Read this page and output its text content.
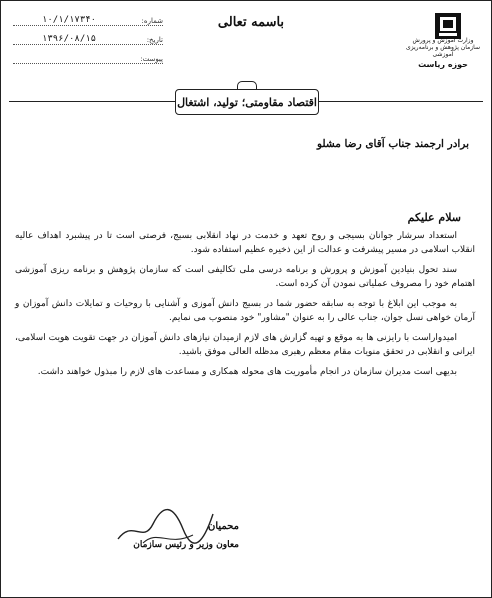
وزارت آموزش و پرورش سازمان پژوهش و برنامه‌ریزی آموزشی
حوزه ریاست
باسمه تعالی
شماره:
۱۰/۱/۱۷۳۴۰
تاریخ:
۱۳۹۶/۰۸/۱۵
پیوست:
اقتصاد مقاومتی؛ تولید، اشتغال
برادر ارجمند جناب آقای رضا مشلو
سلام علیکم

استعداد سرشار جوانان بسیجی و روح تعهد و خدمت در نهاد انقلابی بسیج، فرصتی است تا در پیشبرد اهداف عالیه انقلاب اسلامی در مسیر پیشرفت و عدالت از این ذخیره عظیم استفاده شود.

سند تحول بنیادین آموزش و پرورش و برنامه درسی ملی تکالیفی است که سازمان پژوهش و برنامه ریزی آموزشی اهتمام خود را مصروف عملیاتی نمودن آن کرده است.

به موجب این ابلاغ با توجه به سابقه حضور شما در بسیج دانش آموزی و آشنایی با روحیات و تمایلات دانش آموزان و آرمان خواهی نسل جوان، جناب عالی را به عنوان "مشاور" خود منصوب می نمایم.

امیدواراست با رایزنی ها به موقع و تهیه گزارش های لازم ازمیدان نیازهای دانش آموزان در جهت تقویت هویت اسلامی، ایرانی و انقلابی در تحقق منویات مقام معظم رهبری مدظله العالی موفق باشید.

بدیهی است مدیران سازمان در انجام مأموریت های محوله همکاری و مساعدت های لازم را مبذول خواهند داشت.

محمیان
معاون وزیر و رئیس سازمان
